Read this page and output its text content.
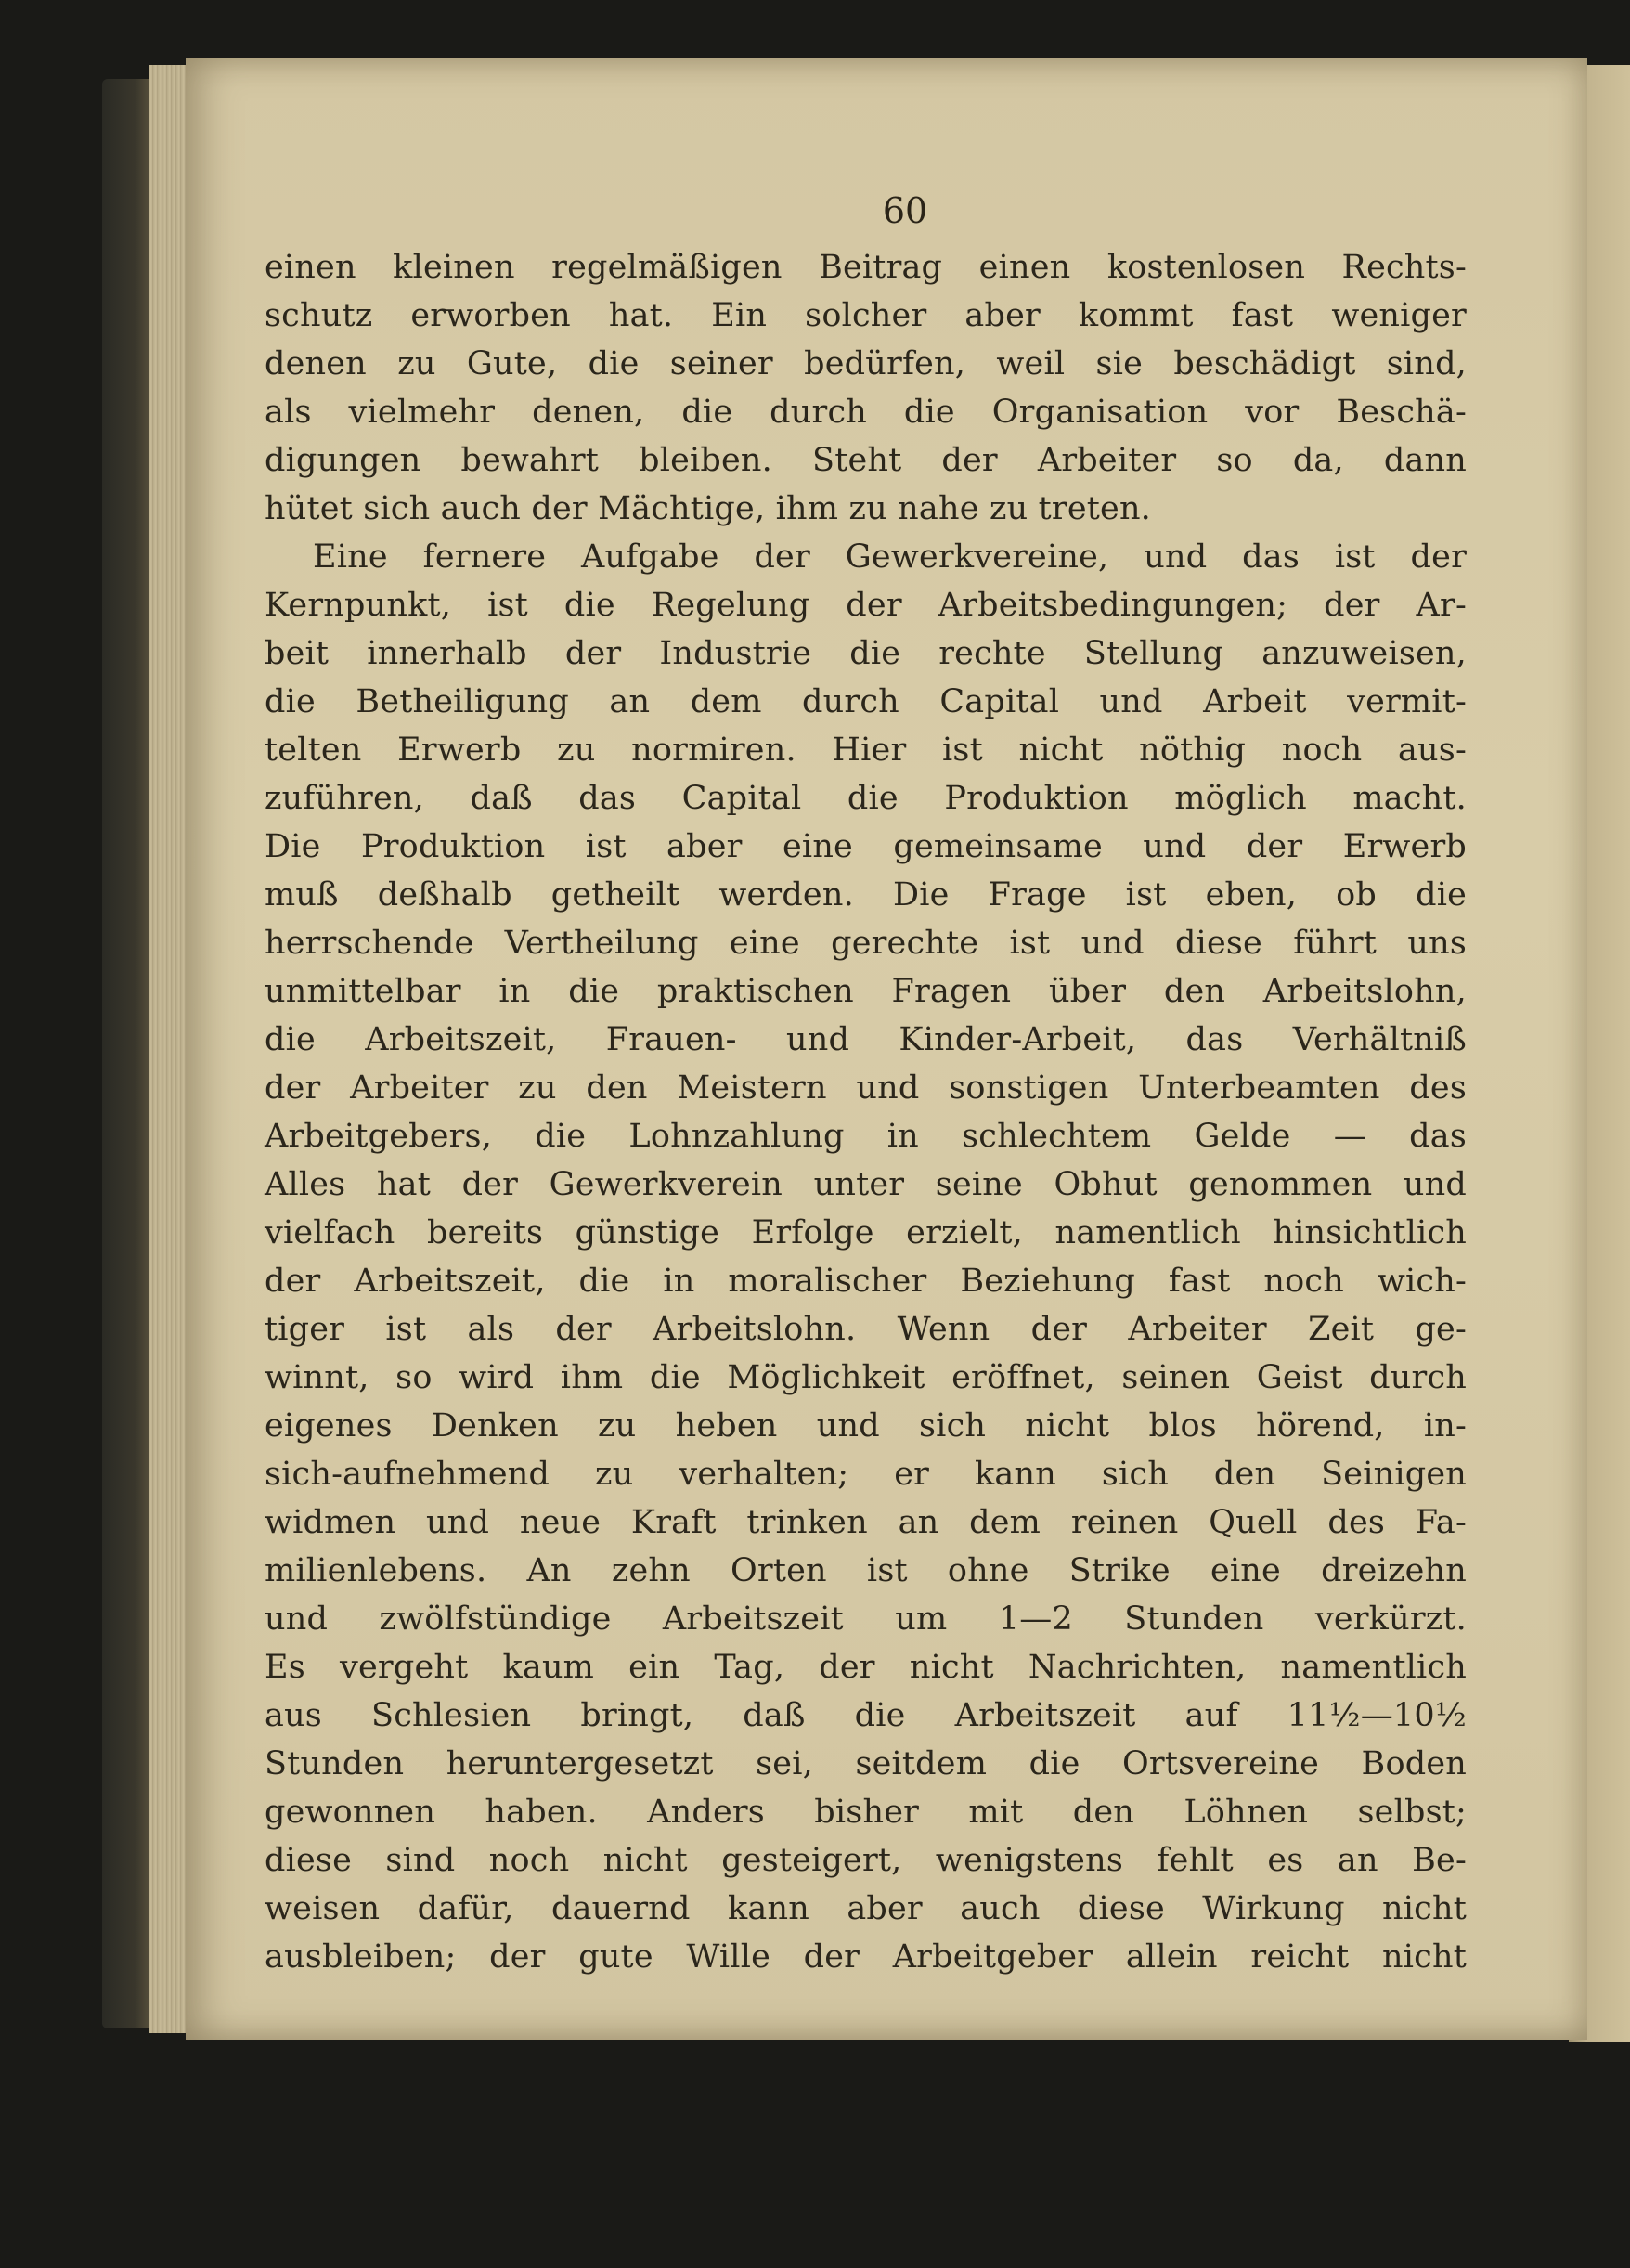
60
einen kleinen regelmäßigen Beitrag einen kostenlosen Rechts-
schutz erworben hat. Ein solcher aber kommt fast weniger
denen zu Gute, die seiner bedürfen, weil sie beschädigt sind,
als vielmehr denen, die durch die Organisation vor Beschä-
digungen bewahrt bleiben. Steht der Arbeiter so da, dann
hütet sich auch der Mächtige, ihm zu nahe zu treten.
Eine fernere Aufgabe der Gewerkvereine, und das ist der
Kernpunkt, ist die Regelung der Arbeitsbedingungen; der Ar-
beit innerhalb der Industrie die rechte Stellung anzuweisen,
die Betheiligung an dem durch Capital und Arbeit vermit-
telten Erwerb zu normiren. Hier ist nicht nöthig noch aus-
zuführen, daß das Capital die Produktion möglich macht.
Die Produktion ist aber eine gemeinsame und der Erwerb
muß deßhalb getheilt werden. Die Frage ist eben, ob die
herrschende Vertheilung eine gerechte ist und diese führt uns
unmittelbar in die praktischen Fragen über den Arbeitslohn,
die Arbeitszeit, Frauen- und Kinder-Arbeit, das Verhältniß
der Arbeiter zu den Meistern und sonstigen Unterbeamten des
Arbeitgebers, die Lohnzahlung in schlechtem Gelde — das
Alles hat der Gewerkverein unter seine Obhut genommen und
vielfach bereits günstige Erfolge erzielt, namentlich hinsichtlich
der Arbeitszeit, die in moralischer Beziehung fast noch wich-
tiger ist als der Arbeitslohn. Wenn der Arbeiter Zeit ge-
winnt, so wird ihm die Möglichkeit eröffnet, seinen Geist durch
eigenes Denken zu heben und sich nicht blos hörend, in-
sich-aufnehmend zu verhalten; er kann sich den Seinigen
widmen und neue Kraft trinken an dem reinen Quell des Fa-
milienlebens. An zehn Orten ist ohne Strike eine dreizehn
und zwölfstündige Arbeitszeit um 1—2 Stunden verkürzt.
Es vergeht kaum ein Tag, der nicht Nachrichten, namentlich
aus Schlesien bringt, daß die Arbeitszeit auf 11½—10½
Stunden heruntergesetzt sei, seitdem die Ortsvereine Boden
gewonnen haben. Anders bisher mit den Löhnen selbst;
diese sind noch nicht gesteigert, wenigstens fehlt es an Be-
weisen dafür, dauernd kann aber auch diese Wirkung nicht
ausbleiben; der gute Wille der Arbeitgeber allein reicht nicht
